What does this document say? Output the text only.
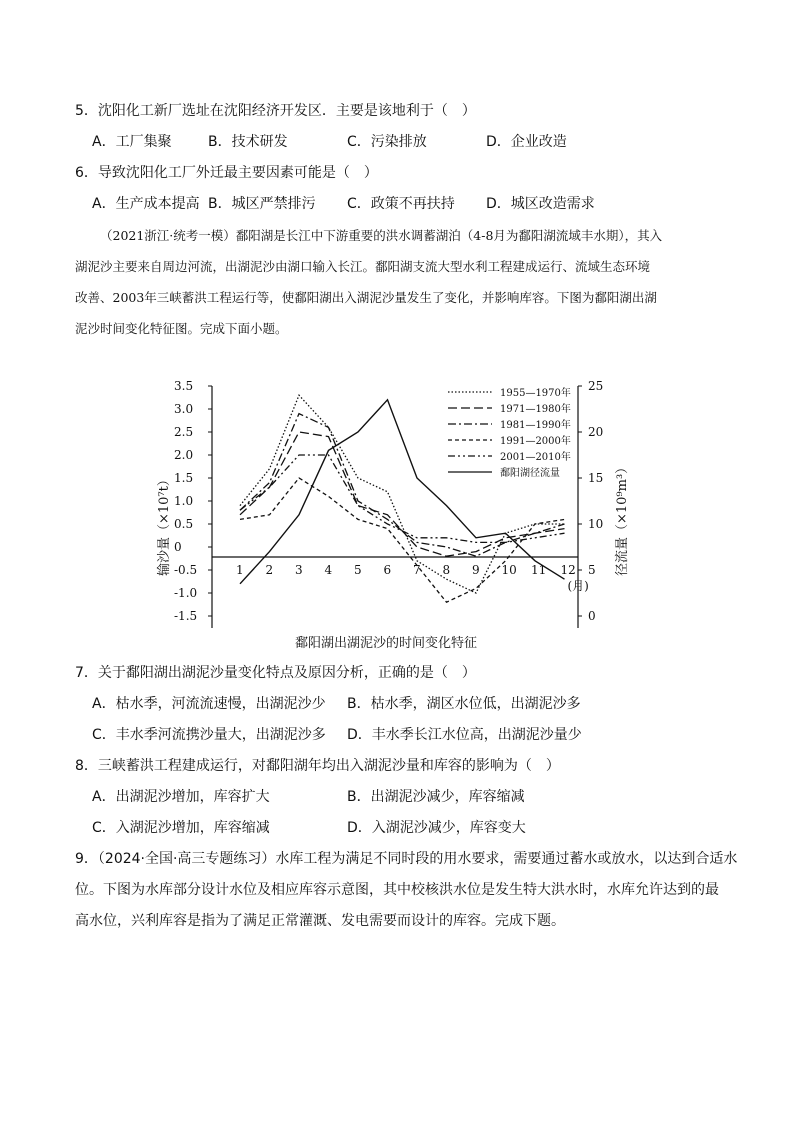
5．沈阳化工新厂选址在沈阳经济开发区．主要是该地利于（　）
A．工厂集聚	B．技术研发	C．污染排放	D．企业改造
6．导致沈阳化工厂外迁最主要因素可能是（　）
A．生产成本提高 B．城区严禁排污 C．政策不再扶持 D．城区改造需求
（2021浙江·统考一模）鄱阳湖是长江中下游重要的洪水调蓄湖泊（4-8月为鄱阳湖流域丰水期），其入
湖泥沙主要来自周边河流，出湖泥沙由湖口输入长江。鄱阳湖支流大型水利工程建成运行、流域生态环境
改善、2003年三峡蓄洪工程运行等，使鄱阳湖出入湖泥沙量发生了变化，并影响库容。下图为鄱阳湖出湖
泥沙时间变化特征图。完成下面小题。
3.5
3.0
2.5
2.0
1.5
1.0
0.5
0
-0.5
-1.0
-1.5
25
20
15
10
5
0
1 2 3 4 5 6 7 8 9 10 11 12
(月)
输沙量（×10⁷t）	径流量（×10⁹m³）
1955—1970年
1971—1980年
1981—1990年
1991—2000年
2001—2010年
鄱阳湖径流量
鄱阳湖出湖泥沙的时间变化特征
7．关于鄱阳湖出湖泥沙量变化特点及原因分析，正确的是（　）
A．枯水季，河流流速慢，出湖泥沙少 B．枯水季，湖区水位低，出湖泥沙多
C．丰水季河流携沙量大，出湖泥沙多 D．丰水季长江水位高，出湖泥沙量少
8．三峡蓄洪工程建成运行，对鄱阳湖年均出入湖泥沙量和库容的影响为（　）
A．出湖泥沙增加，库容扩大	B．出湖泥沙减少，库容缩减
C．入湖泥沙增加，库容缩减	D．入湖泥沙减少，库容变大
9．（2024·全国·高三专题练习）水库工程为满足不同时段的用水要求，需要通过蓄水或放水，以达到合适水
位。下图为水库部分设计水位及相应库容示意图，其中校核洪水位是发生特大洪水时，水库允许达到的最
高水位，兴利库容是指为了满足正常灌溉、发电需要而设计的库容。完成下题。
